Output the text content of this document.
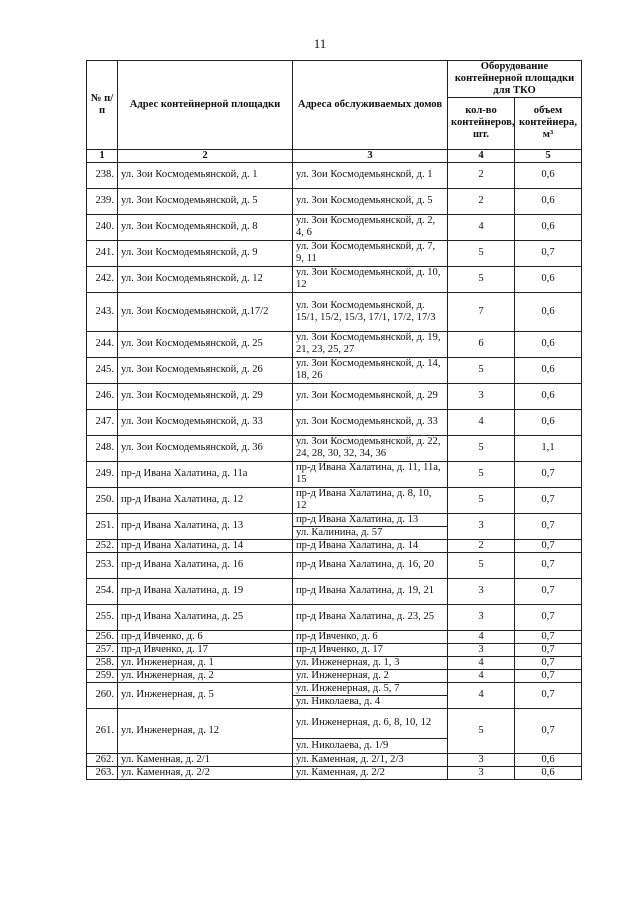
11
№ п/п	Адрес контейнерной площадки	Адреса обслуживаемых домов	Оборудование контейнерной площадки для ТКО	
			кол-во контейнеров, шт.	объем контейнера, м³
1	2	3	4	5
238.	ул. Зои Космодемьянской, д. 1	ул. Зои Космодемьянской, д. 1	2	0,6
239.	ул. Зои Космодемьянской, д. 5	ул. Зои Космодемьянской, д. 5	2	0,6
240.	ул. Зои Космодемьянской, д. 8	ул. Зои Космодемьянской, д. 2, 4, 6	4	0,6
241.	ул. Зои Космодемьянской, д. 9	ул. Зои Космодемьянской, д. 7, 9, 11	5	0,7
242.	ул. Зои Космодемьянской, д. 12	ул. Зои Космодемьянской, д. 10, 12	5	0,6
243.	ул. Зои Космодемьянской, д.17/2	ул. Зои Космодемьянской, д. 15/1, 15/2, 15/3, 17/1, 17/2, 17/3	7	0,6
244.	ул. Зои Космодемьянской, д. 25	ул. Зои Космодемьянской, д. 19, 21, 23, 25, 27	6	0,6
245.	ул. Зои Космодемьянской, д. 26	ул. Зои Космодемьянской, д. 14, 18, 26	5	0,6
246.	ул. Зои Космодемьянской, д. 29	ул. Зои Космодемьянской, д. 29	3	0,6
247.	ул. Зои Космодемьянской, д. 33	ул. Зои Космодемьянской, д. 33	4	0,6
248.	ул. Зои Космодемьянской, д. 36	ул. Зои Космодемьянской, д. 22, 24, 28, 30, 32, 34, 36	5	1,1
249.	пр-д Ивана Халатина, д. 11а	пр-д Ивана Халатина, д. 11, 11а, 15	5	0,7
250.	пр-д Ивана Халатина, д. 12	пр-д Ивана Халатина, д. 8, 10, 12	5	0,7
251.	пр-д Ивана Халатина, д. 13	пр-д Ивана Халатина, д. 13	3	0,7
		ул. Калинина, д. 57		
252.	пр-д Ивана Халатина, д. 14	пр-д Ивана Халатина, д. 14	2	0,7
253.	пр-д Ивана Халатина, д. 16	пр-д Ивана Халатина, д. 16, 20	5	0,7
254.	пр-д Ивана Халатина, д. 19	пр-д Ивана Халатина, д. 19, 21	3	0,7
255.	пр-д Ивана Халатина, д. 25	пр-д Ивана Халатина, д. 23, 25	3	0,7
256.	пр-д Ивченко, д. 6	пр-д Ивченко, д. 6	4	0,7
257.	пр-д Ивченко, д. 17	пр-д Ивченко, д. 17	3	0,7
258.	ул. Инженерная, д. 1	ул. Инженерная, д. 1, 3	4	0,7
259.	ул. Инженерная, д. 2	ул. Инженерная, д. 2	4	0,7
260.	ул. Инженерная, д. 5	ул. Инженерная, д. 5, 7	4	0,7
		ул. Николаева, д. 4		
261.	ул. Инженерная, д. 12	ул. Инженерная, д. 6, 8, 10, 12	5	0,7
		ул. Николаева, д. 1/9		
262.	ул. Каменная, д. 2/1	ул. Каменная, д. 2/1, 2/3	3	0,6
263.	ул. Каменная, д. 2/2	ул. Каменная, д. 2/2	3	0,6
